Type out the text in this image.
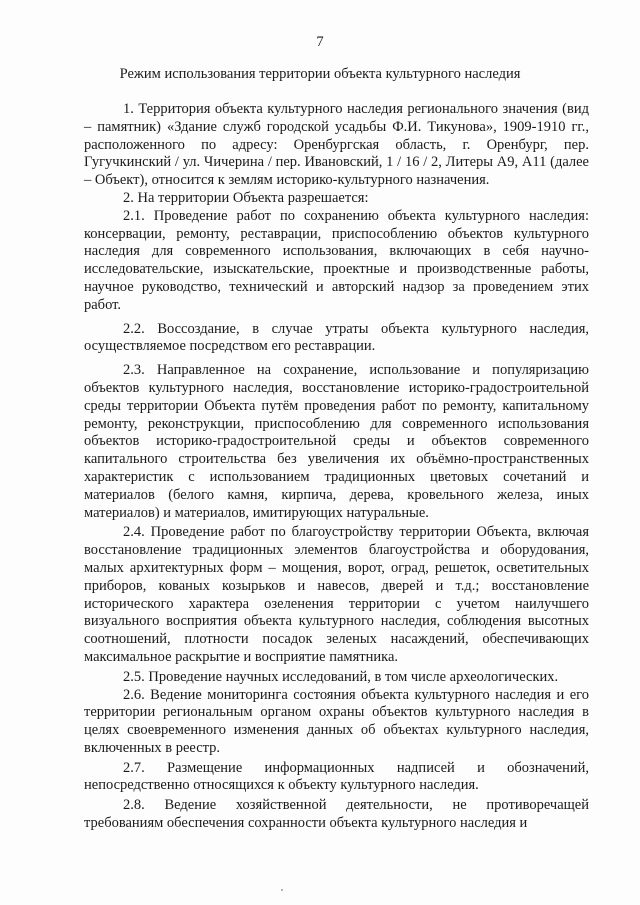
7
Режим использования территории объекта культурного наследия

1. Территория объекта культурного наследия регионального значения (вид – памятник) «Здание служб городской усадьбы Ф.И. Тикунова», 1909-1910 гг., расположенного по адресу: Оренбургская область, г. Оренбург, пер. Гугучкинский / ул. Чичерина / пер. Ивановский, 1 / 16 / 2, Литеры А9, А11 (далее – Объект), относится к землям историко-культурного назначения.

2. На территории Объекта разрешается:

2.1. Проведение работ по сохранению объекта культурного наследия: консервации, ремонту, реставрации, приспособлению объектов культурного наследия для современного использования, включающих в себя научно-исследовательские, изыскательские, проектные и производственные работы, научное руководство, технический и авторский надзор за проведением этих работ.

2.2. Воссоздание, в случае утраты объекта культурного наследия, осуществляемое посредством его реставрации.

2.3. Направленное на сохранение, использование и популяризацию объектов культурного наследия, восстановление историко-градостроительной среды территории Объекта путём проведения работ по ремонту, капитальному ремонту, реконструкции, приспособлению для современного использования объектов историко-градостроительной среды и объектов современного капитального строительства без увеличения их объёмно-пространственных характеристик с использованием традиционных цветовых сочетаний и материалов (белого камня, кирпича, дерева, кровельного железа, иных материалов) и материалов, имитирующих натуральные.

2.4. Проведение работ по благоустройству территории Объекта, включая восстановление традиционных элементов благоустройства и оборудования, малых архитектурных форм – мощения, ворот, оград, решеток, осветительных приборов, кованых козырьков и навесов, дверей и т.д.; восстановление исторического характера озеленения территории с учетом наилучшего визуального восприятия объекта культурного наследия, соблюдения высотных соотношений, плотности посадок зеленых насаждений, обеспечивающих максимальное раскрытие и восприятие памятника.

2.5. Проведение научных исследований, в том числе археологических.

2.6. Ведение мониторинга состояния объекта культурного наследия и его территории региональным органом охраны объектов культурного наследия в целях своевременного изменения данных об объектах культурного наследия, включенных в реестр.

2.7. Размещение информационных надписей и обозначений, непосредственно относящихся к объекту культурного наследия.

2.8. Ведение хозяйственной деятельности, не противоречащей требованиям обеспечения сохранности объекта культурного наследия и
